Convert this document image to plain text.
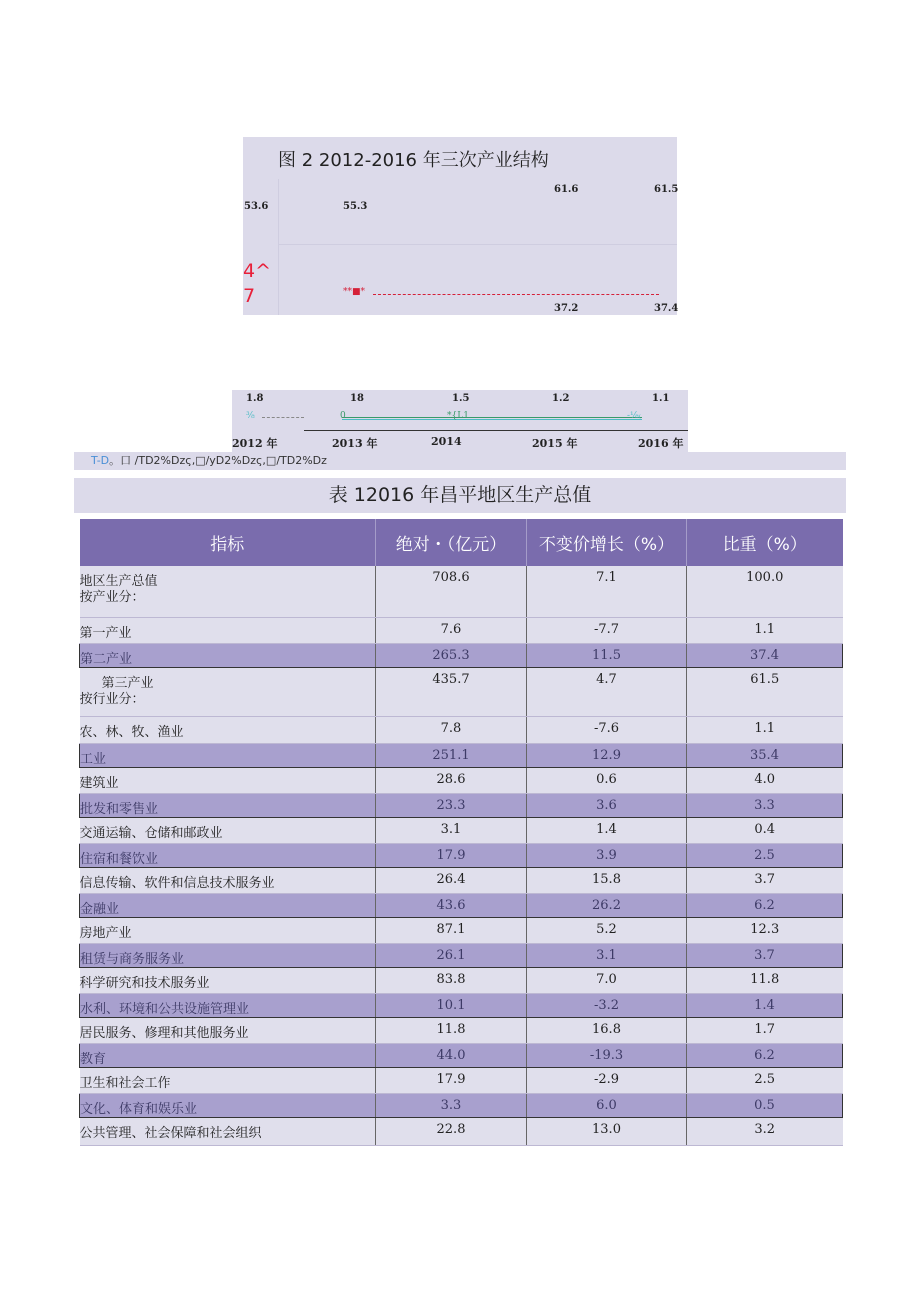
图 2 2012-2016 年三次产业结构
53.6	55.3
61.6	61.5
4^
7	**■*
37.2	37.4
1.8	18	1.5	1.2	1.1
³⁄₈	0	*{L1	-¹⁄₈₍
2012 年	2013 年	2014	2015 年	2016 年
T-D。口 /TD2%Dz⁠ς,□/yD2%Dzς,□/TD2%Dz
表 12016 年昌平地区生产总值
指标	绝对・（亿元）	不变价增长（%）	比重（%）
地区生产总值
按产业分：	708.6	7.1	100.0
第一产业	7.6	-7.7	1.1
第二产业	265.3	11.5	37.4

第三产业
按行业分：	435.7	4.7	61.5
农、林、牧、渔业	7.8	-7.6	1.1
工业	251.1	12.9	35.4
建筑业	28.6	0.6	4.0
批发和零售业	23.3	3.6	3.3
交通运输、仓储和邮政业	3.1	1.4	0.4
住宿和餐饮业	17.9	3.9	2.5
信息传输、软件和信息技术服务业	26.4	15.8	3.7
金融业	43.6	26.2	6.2
房地产业	87.1	5.2	12.3
租赁与商务服务业	26.1	3.1	3.7
科学研究和技术服务业	83.8	7.0	11.8
水利、环境和公共设施管理业	10.1	-3.2	1.4
居民服务、修理和其他服务业	11.8	16.8	1.7
教育	44.0	-19.3	6.2
卫生和社会工作	17.9	-2.9	2.5
文化、体育和娱乐业	3.3	6.0	0.5
公共管理、社会保障和社会组织	22.8	13.0	3.2
